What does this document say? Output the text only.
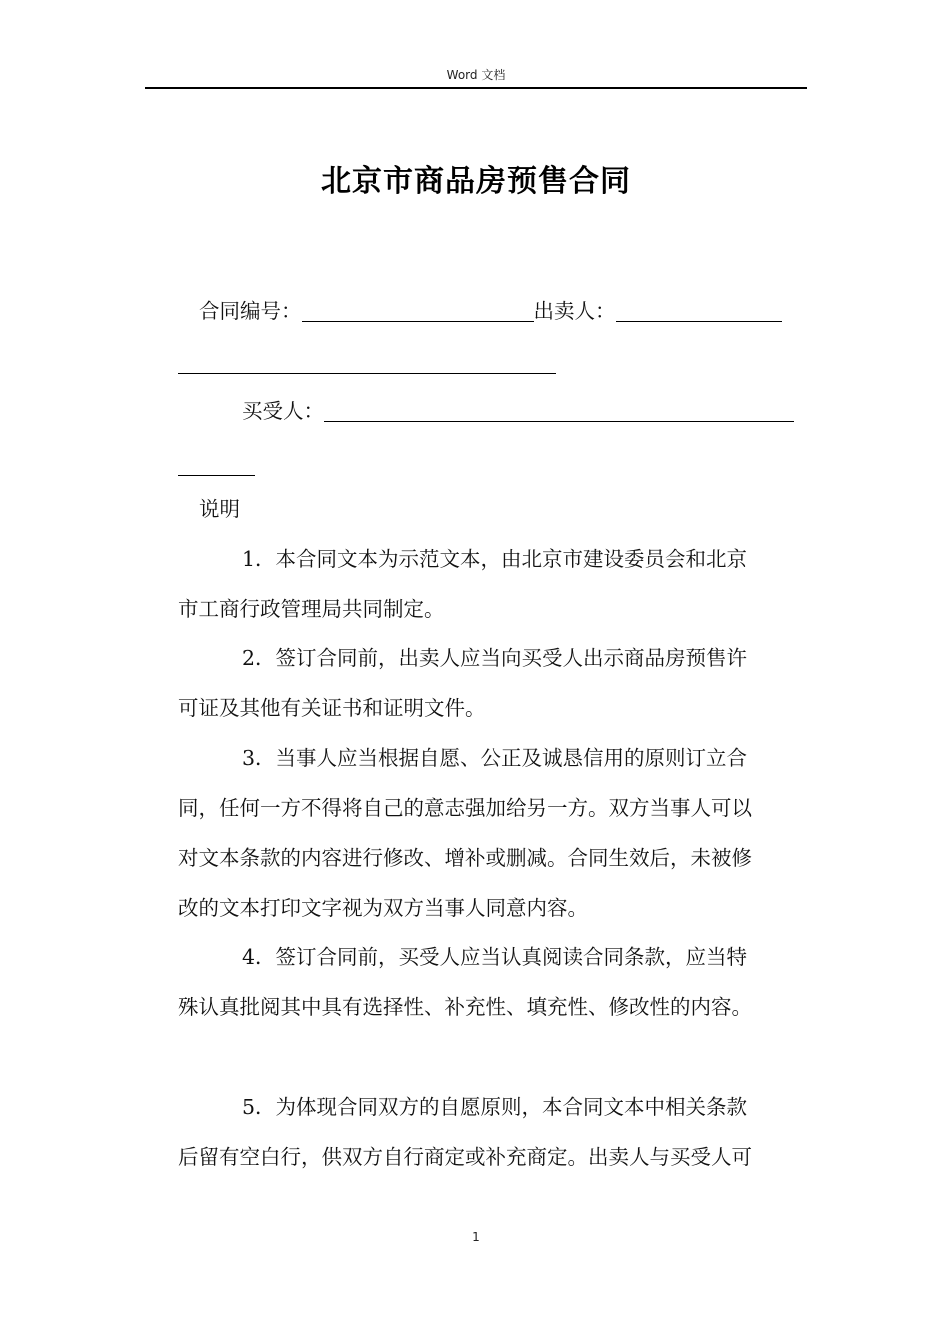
Word 文档
北京市商品房预售合同
合同编号：	出卖人：
买受人：
说明
1．本合同文本为示范文本，由北京市建设委员会和北京
市工商行政管理局共同制定。
2．签订合同前，出卖人应当向买受人出示商品房预售许
可证及其他有关证书和证明文件。
3．当事人应当根据自愿、公正及诚恳信用的原则订立合
同，任何一方不得将自己的意志强加给另一方。双方当事人可以
对文本条款的内容进行修改、增补或删减。合同生效后，未被修
改的文本打印文字视为双方当事人同意内容。
4．签订合同前，买受人应当认真阅读合同条款，应当特
殊认真批阅其中具有选择性、补充性、填充性、修改性的内容。
5．为体现合同双方的自愿原则，本合同文本中相关条款
后留有空白行，供双方自行商定或补充商定。出卖人与买受人可
1
